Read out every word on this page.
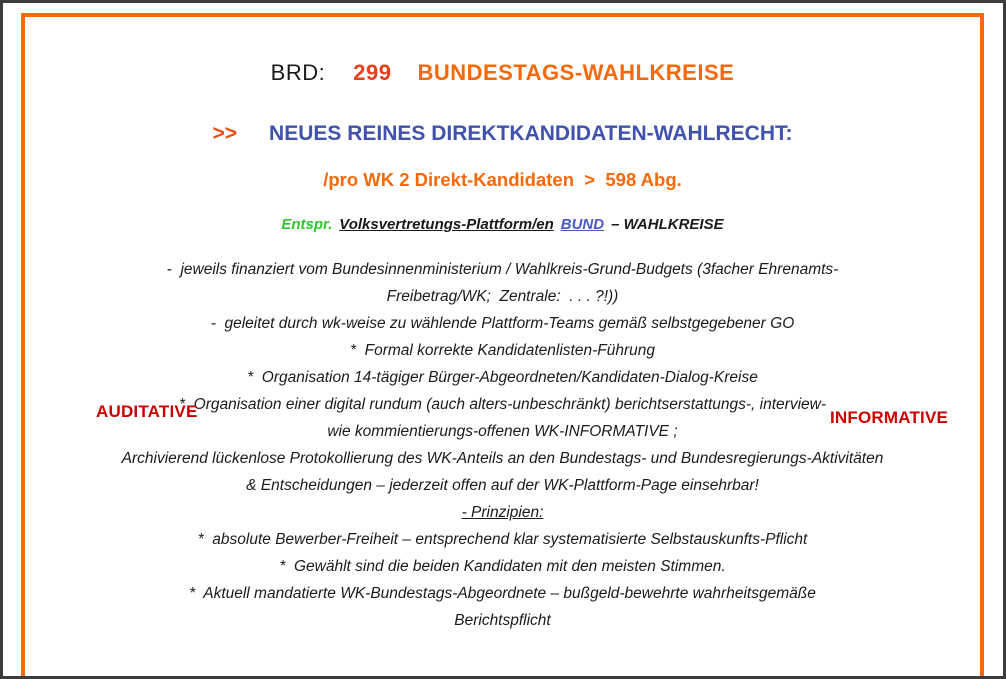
BRD: 299 BUNDESTAGS-WAHLKREISE
>> NEUES REINES DIREKTKANDIDATEN-WAHLRECHT:
/pro WK 2 Direkt-Kandidaten  >  598 Abg.
Entspr. Volksvertretungs-Plattform/en BUND – WAHLKREISE

-  jeweils finanziert vom Bundesinnenministerium / Wahlkreis-Grund-Budgets (3facher Ehrenamts-Freibetrag/WK;  Zentrale:  . . . ?!))

-  geleitet durch wk-weise zu wählende Plattform-Teams gemäß selbstgegebener GO

*  Formal korrekte Kandidatenlisten-Führung

*  Organisation 14-tägiger Bürger-Abgeordneten/Kandidaten-Dialog-Kreise

*  Organisation einer digital rundum (auch alters-unbeschränkt) berichtserstattungs-, interview-  wie kommientierungs-offenen WK-INFORMATIVE ;

Archivierend lückenlose Protokollierung des WK-Anteils an den Bundestags- und Bundesregierungs-Aktivitäten & Entscheidungen – jederzeit offen auf der WK-Plattform-Page einsehrbar!

- Prinzipien:

*  absolute Bewerber-Freiheit – entsprechend klar systematisierte Selbstauskunfts-Pflicht

*  Gewählt sind die beiden Kandidaten mit den meisten Stimmen.

*  Aktuell mandatierte WK-Bundestags-Abgeordnete – bußgeld-bewehrte wahrheitsgemäße Berichtspflicht

AUDITATIVE	INFORMATIVE
